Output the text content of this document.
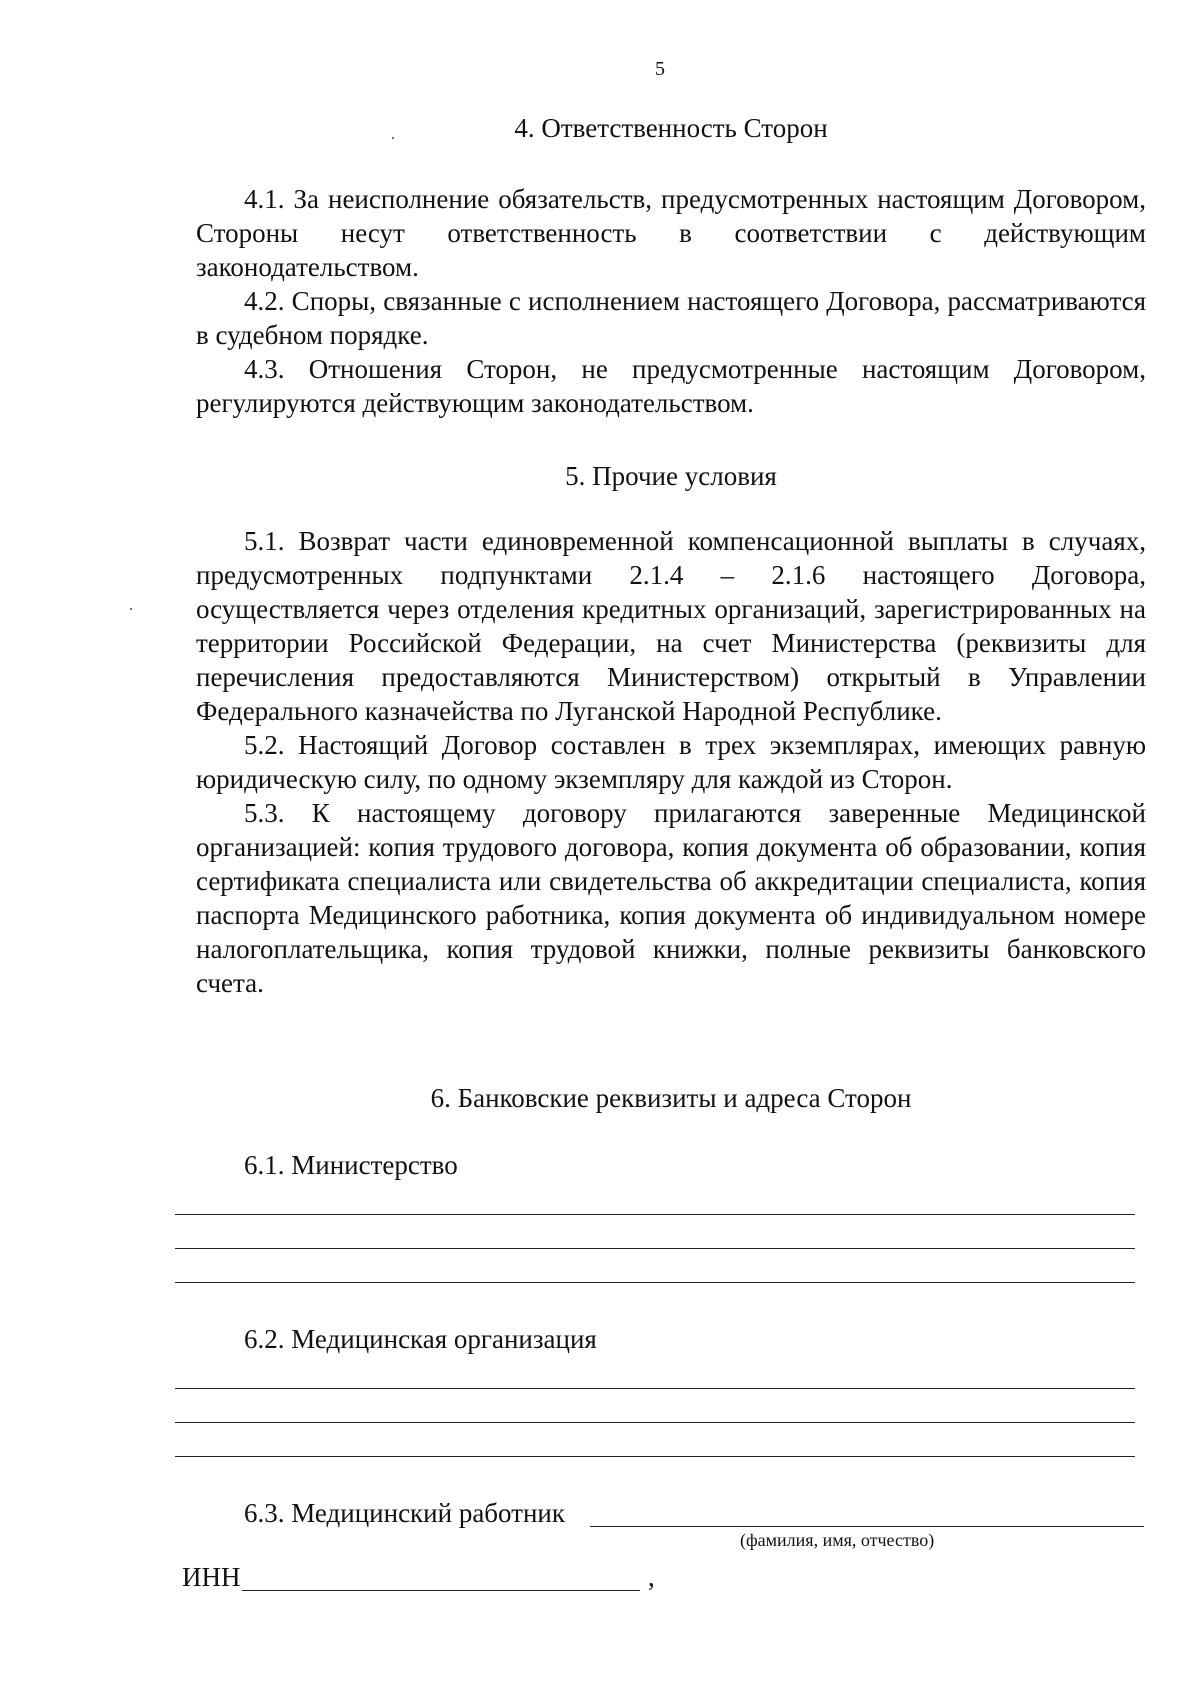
5
4. Ответственность Сторон

4.1. За неисполнение обязательств, предусмотренных настоящим Договором, Стороны несут ответственность в соответствии с действующим законодательством.

4.2. Споры, связанные с исполнением настоящего Договора, рассматриваются в судебном порядке.

4.3. Отношения Сторон, не предусмотренные настоящим Договором, регулируются действующим законодательством.

5. Прочие условия

5.1. Возврат части единовременной компенсационной выплаты в случаях, предусмотренных подпунктами 2.1.4 – 2.1.6 настоящего Договора, осуществляется через отделения кредитных организаций, зарегистрированных на территории Российской Федерации, на счет Министерства (реквизиты для перечисления предоставляются Министерством) открытый в Управлении Федерального казначейства по Луганской Народной Республике.

5.2. Настоящий Договор составлен в трех экземплярах, имеющих равную юридическую силу, по одному экземпляру для каждой из Сторон.

5.3. К настоящему договору прилагаются заверенные Медицинской организацией: копия трудового договора, копия документа об образовании, копия сертификата специалиста или свидетельства об аккредитации специалиста, копия паспорта Медицинского работника, копия документа об индивидуальном номере налогоплательщика, копия трудовой книжки, полные реквизиты банковского счета.

6. Банковские реквизиты и адреса Сторон
6.1. Министерство
6.2. Медицинская организация
6.3. Медицинский работник
(фамилия, имя, отчество)
ИНН	,
